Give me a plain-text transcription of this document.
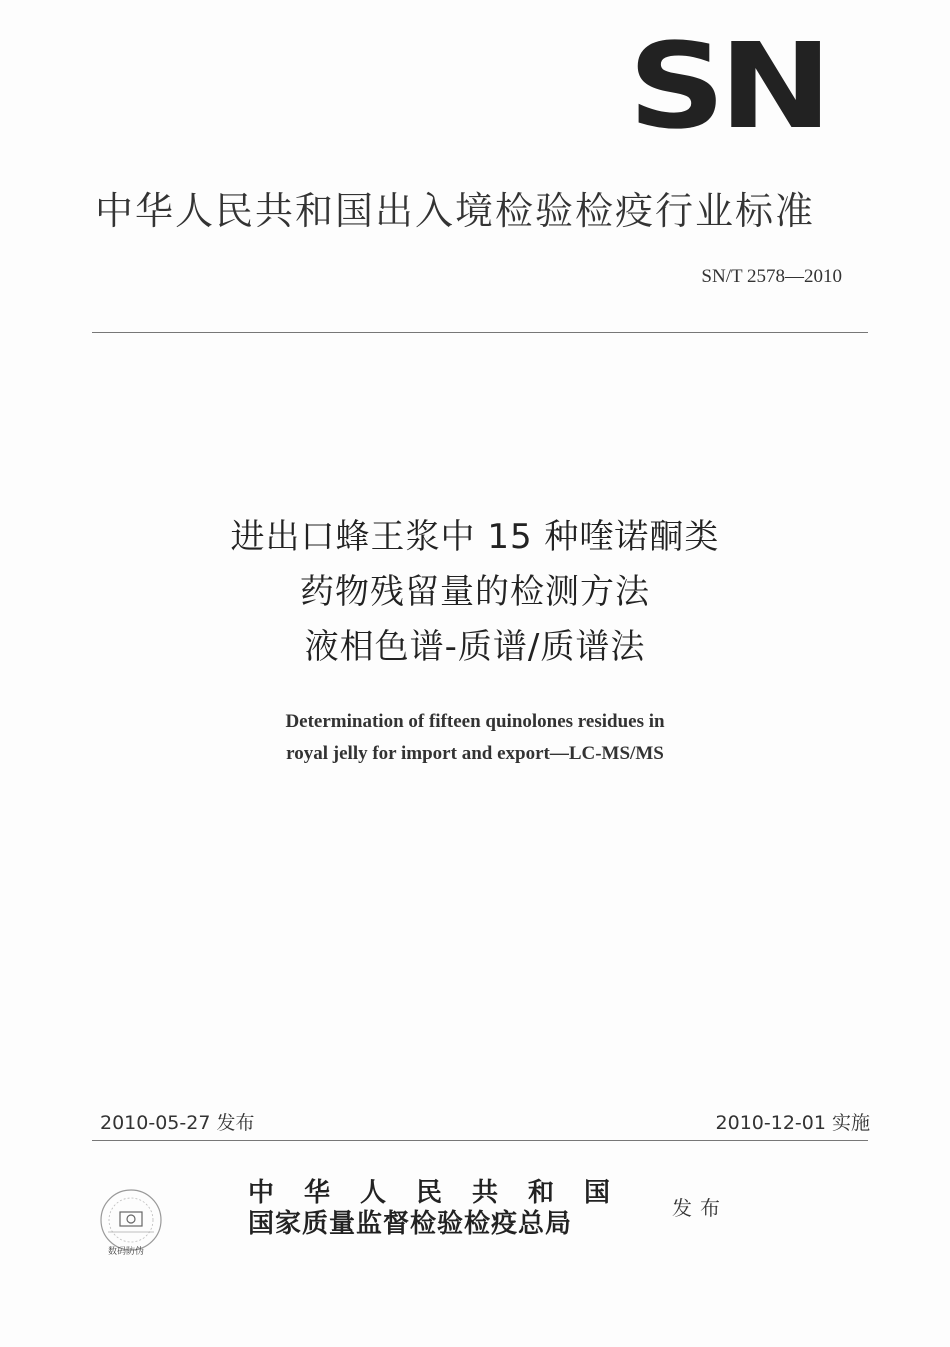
SN
中华人民共和国出入境检验检疫行业标准
SN/T 2578—2010
进出口蜂王浆中 15 种喹诺酮类
药物残留量的检测方法
液相色谱-质谱/质谱法
Determination of fifteen quinolones residues in
royal jelly for import and export—LC-MS/MS
2010-05-27 发布	2010-12-01 实施
数码防伪
中华人民共和国
国家质量监督检验检疫总局
发布
